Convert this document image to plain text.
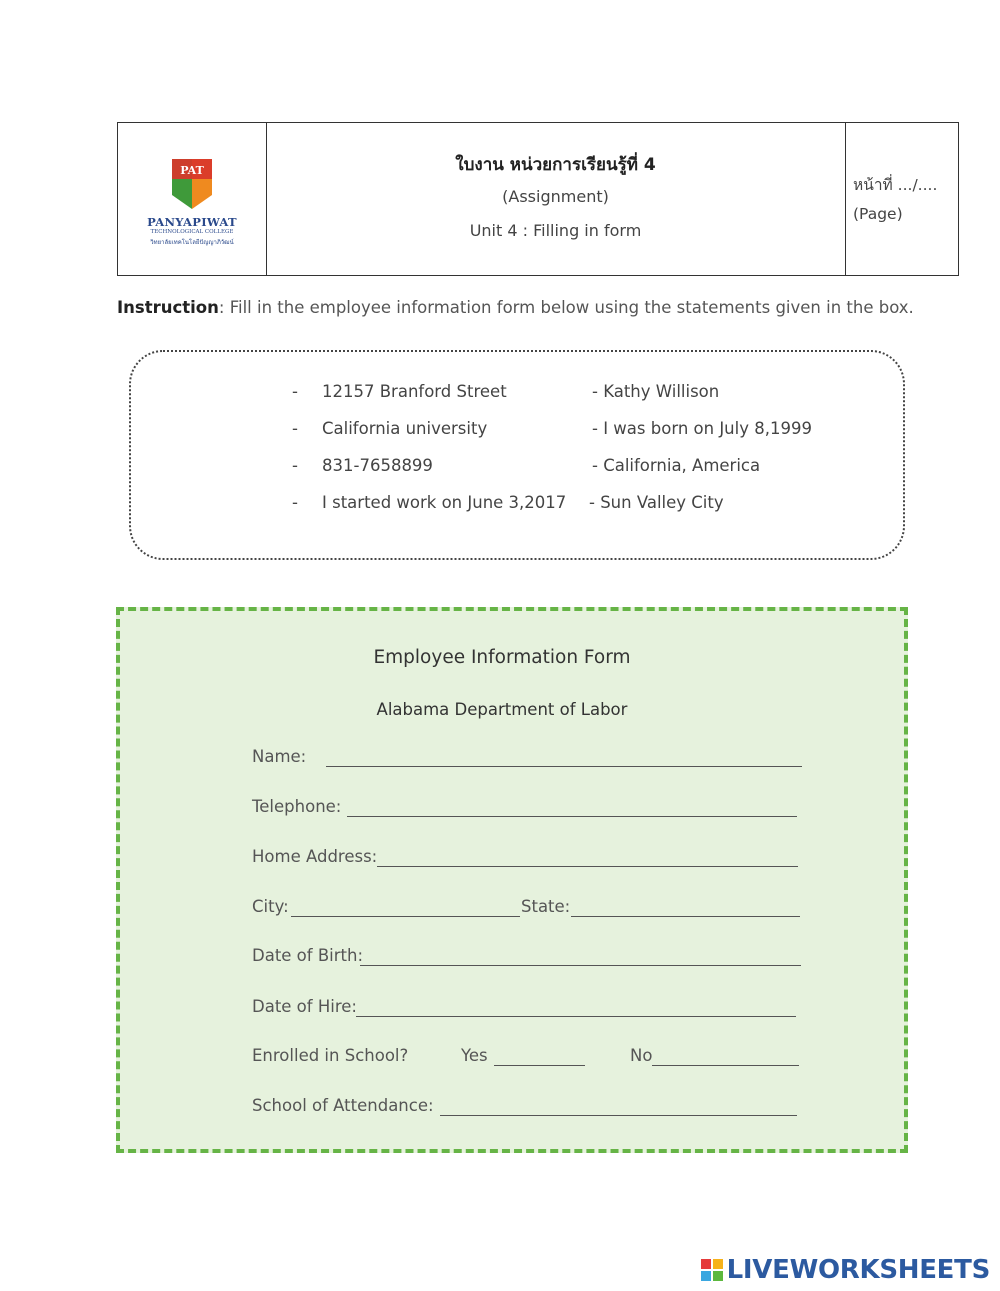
PAT
PANYAPIWAT
TECHNOLOGICAL COLLEGE
วิทยาลัยเทคโนโลยีปัญญาภิวัฒน์
ใบงาน หน่วยการเรียนรู้ที่ 4
(Assignment)
Unit 4 : Filling in form
หน้าที่ .../....
(Page)
Instruction: Fill in the employee information form below using the statements given in the box.
- 12157 Branford Street
- California university
- 831-7658899
- I started work on June 3,2017
- Kathy Willison
- I was born on July 8,1999
- California, America
- Sun Valley City
Employee Information Form
Alabama Department of Labor
Name:
Telephone:
Home Address:
City:	State:
Date of Birth:
Date of Hire:
Enrolled in School?	Yes	No
School of Attendance:
LIVEWORKSHEETS
